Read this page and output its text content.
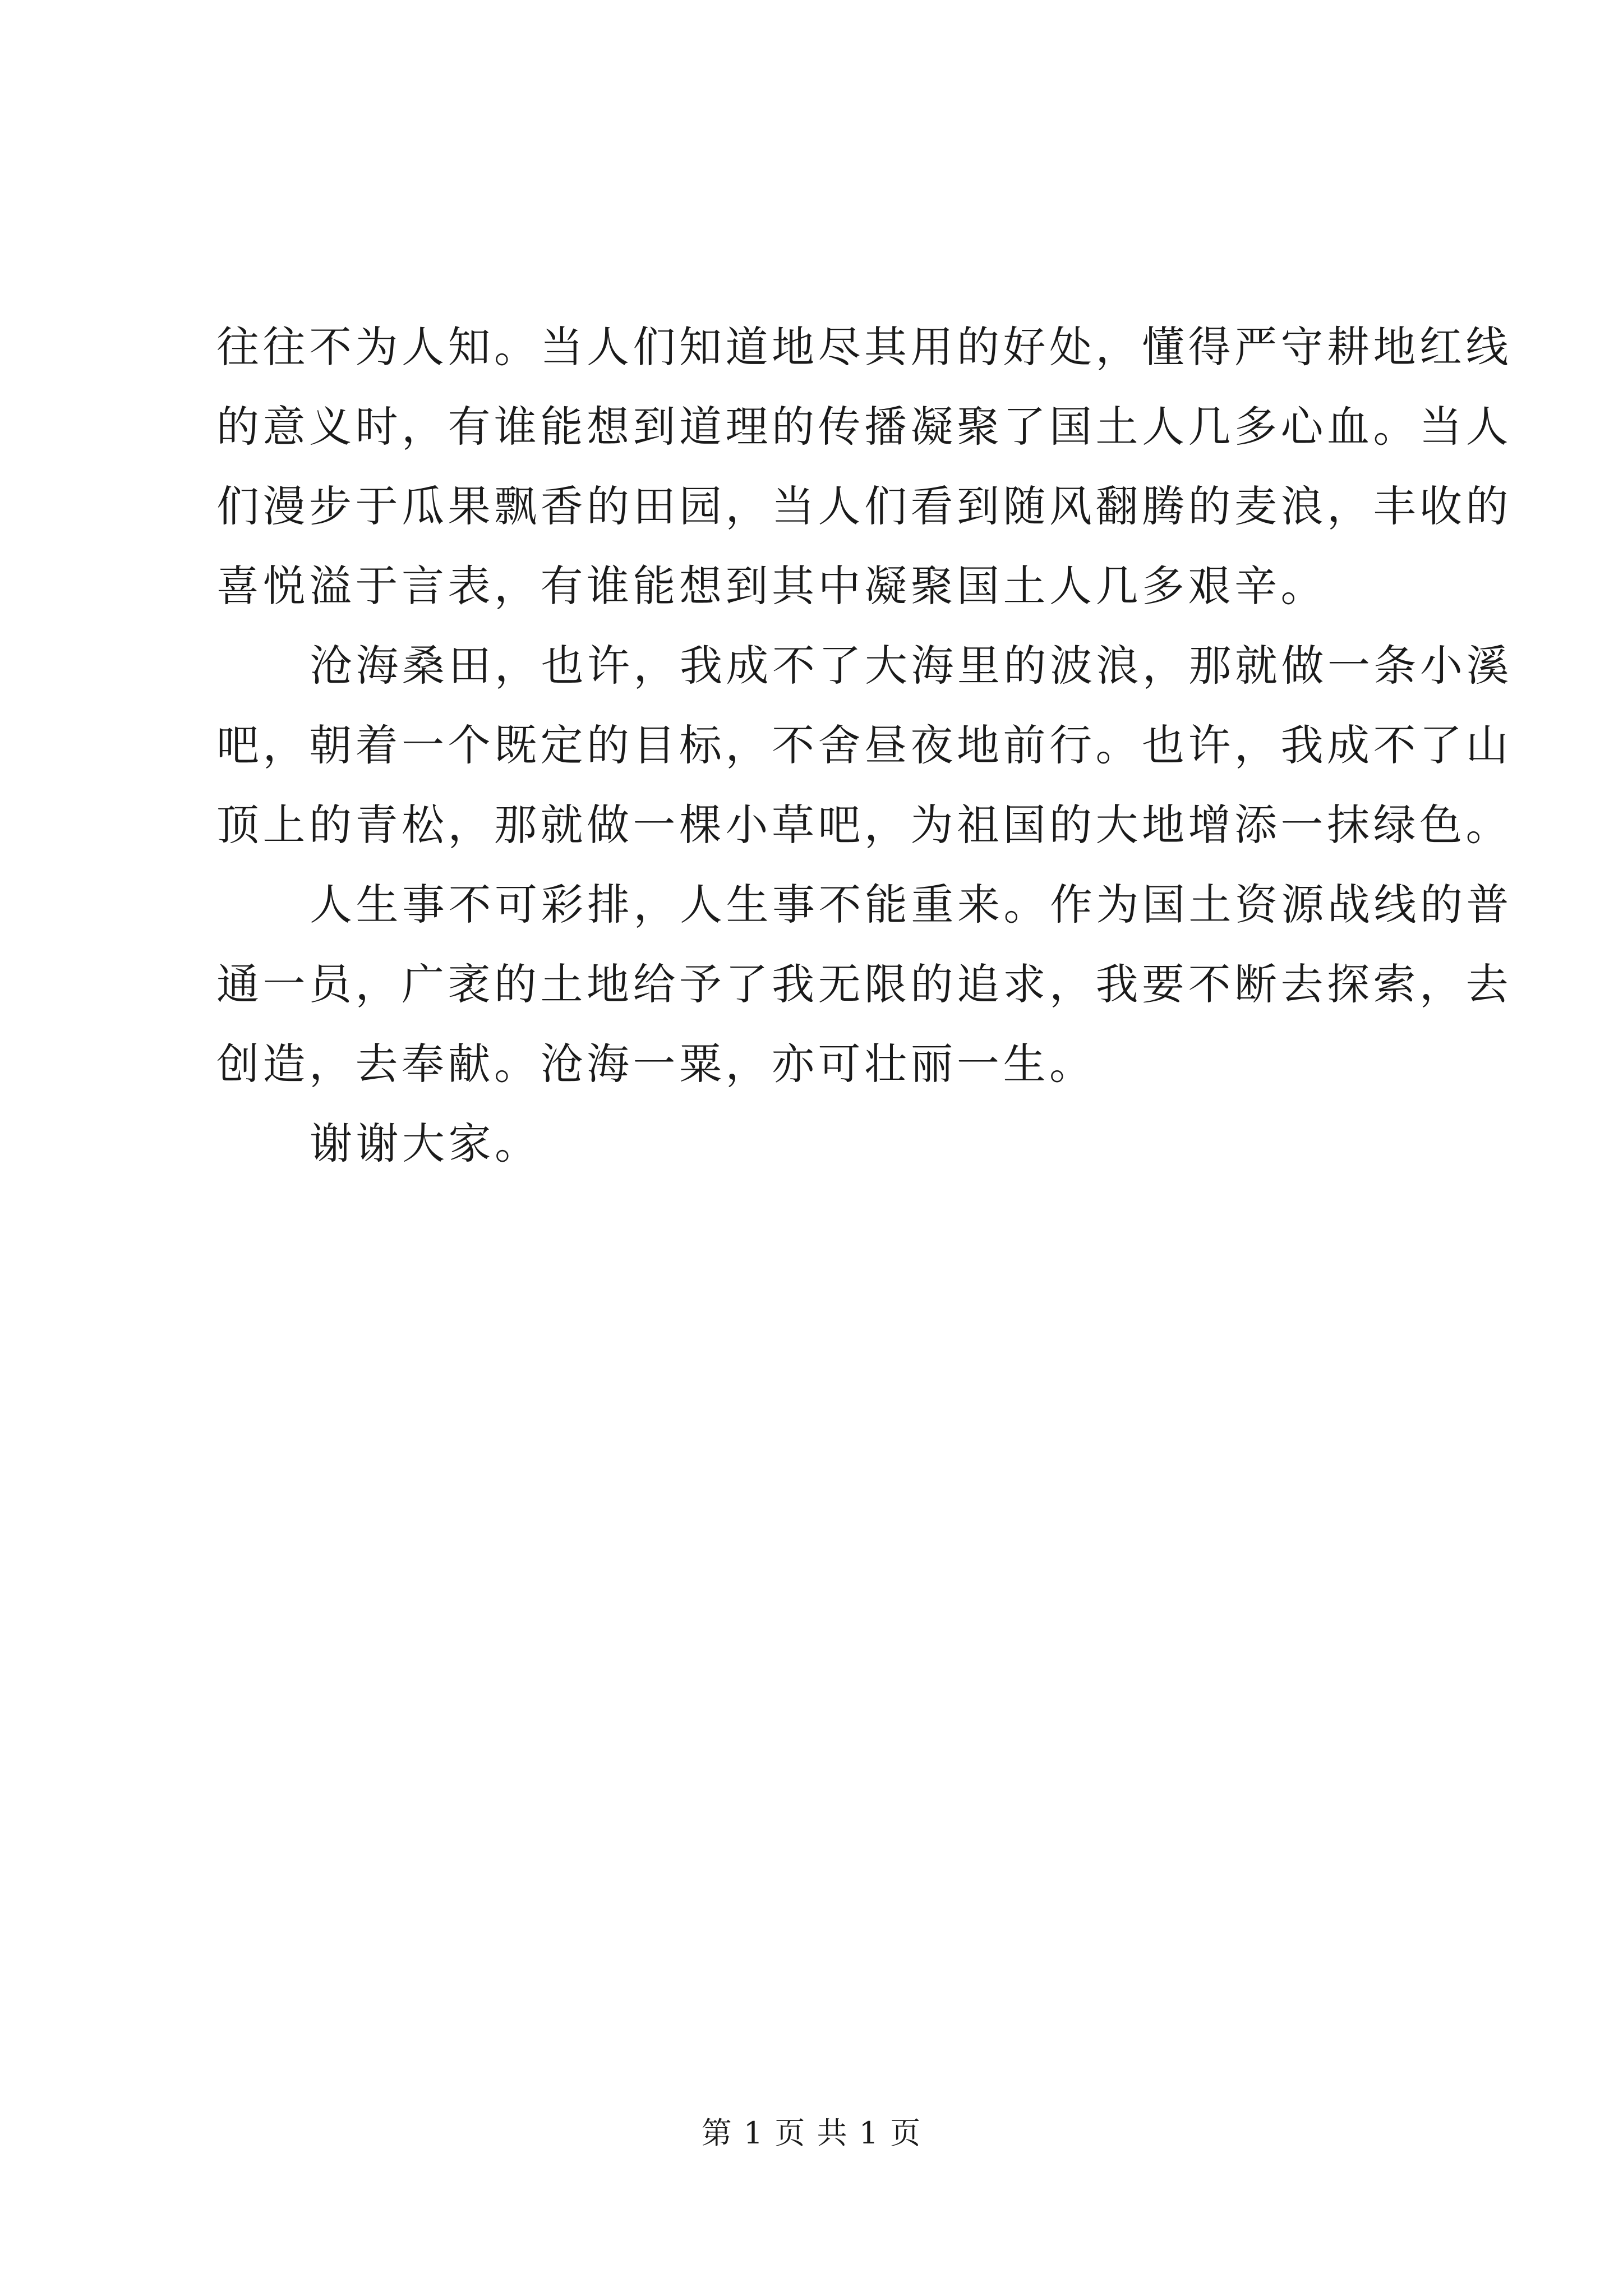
往往不为人知。当人们知道地尽其用的好处，懂得严守耕地红线
的意义时，有谁能想到道理的传播凝聚了国土人几多心血。当人
们漫步于瓜果飘香的田园，当人们看到随风翻腾的麦浪，丰收的
喜悦溢于言表，有谁能想到其中凝聚国土人几多艰辛。
沧海桑田，也许，我成不了大海里的波浪，那就做一条小溪
吧，朝着一个既定的目标，不舍昼夜地前行。也许，我成不了山
顶上的青松，那就做一棵小草吧，为祖国的大地增添一抹绿色。
人生事不可彩排，人生事不能重来。作为国土资源战线的普
通一员，广袤的土地给予了我无限的追求，我要不断去探索，去
创造，去奉献。沧海一粟，亦可壮丽一生。
谢谢大家。
第 1 页 共 1 页
